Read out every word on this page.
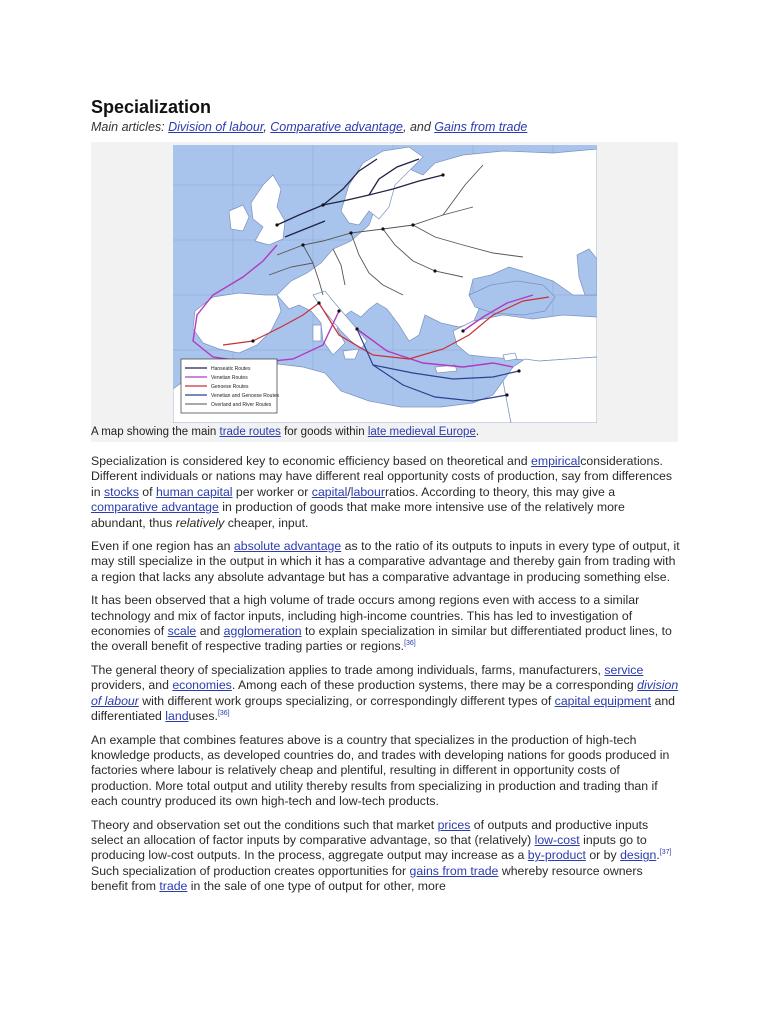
Specialization
Main articles: Division of labour, Comparative advantage, and Gains from trade
Hanseatic Routes
Venetian Routes
Genoese Routes
Venetian and Genoese Routes
Overland and River Routes
A map showing the main trade routes for goods within late medieval Europe.

Specialization is considered key to economic efficiency based on theoretical and empiricalconsiderations. Different individuals or nations may have different real opportunity costs of production, say from differences in stocks of human capital per worker or capital/labourratios. According to theory, this may give a comparative advantage in production of goods that make more intensive use of the relatively more abundant, thus relatively cheaper, input.

Even if one region has an absolute advantage as to the ratio of its outputs to inputs in every type of output, it may still specialize in the output in which it has a comparative advantage and thereby gain from trading with a region that lacks any absolute advantage but has a comparative advantage in producing something else.

It has been observed that a high volume of trade occurs among regions even with access to a similar technology and mix of factor inputs, including high-income countries. This has led to investigation of economies of scale and agglomeration to explain specialization in similar but differentiated product lines, to the overall benefit of respective trading parties or regions.[36]

The general theory of specialization applies to trade among individuals, farms, manufacturers, service providers, and economies. Among each of these production systems, there may be a corresponding division of labour with different work groups specializing, or correspondingly different types of capital equipment and differentiated landuses.[36]

An example that combines features above is a country that specializes in the production of high-tech knowledge products, as developed countries do, and trades with developing nations for goods produced in factories where labour is relatively cheap and plentiful, resulting in different in opportunity costs of production. More total output and utility thereby results from specializing in production and trading than if each country produced its own high-tech and low-tech products.

Theory and observation set out the conditions such that market prices of outputs and productive inputs select an allocation of factor inputs by comparative advantage, so that (relatively) low-cost inputs go to producing low-cost outputs. In the process, aggregate output may increase as a by-product or by design.[37] Such specialization of production creates opportunities for gains from trade whereby resource owners benefit from trade in the sale of one type of output for other, more
